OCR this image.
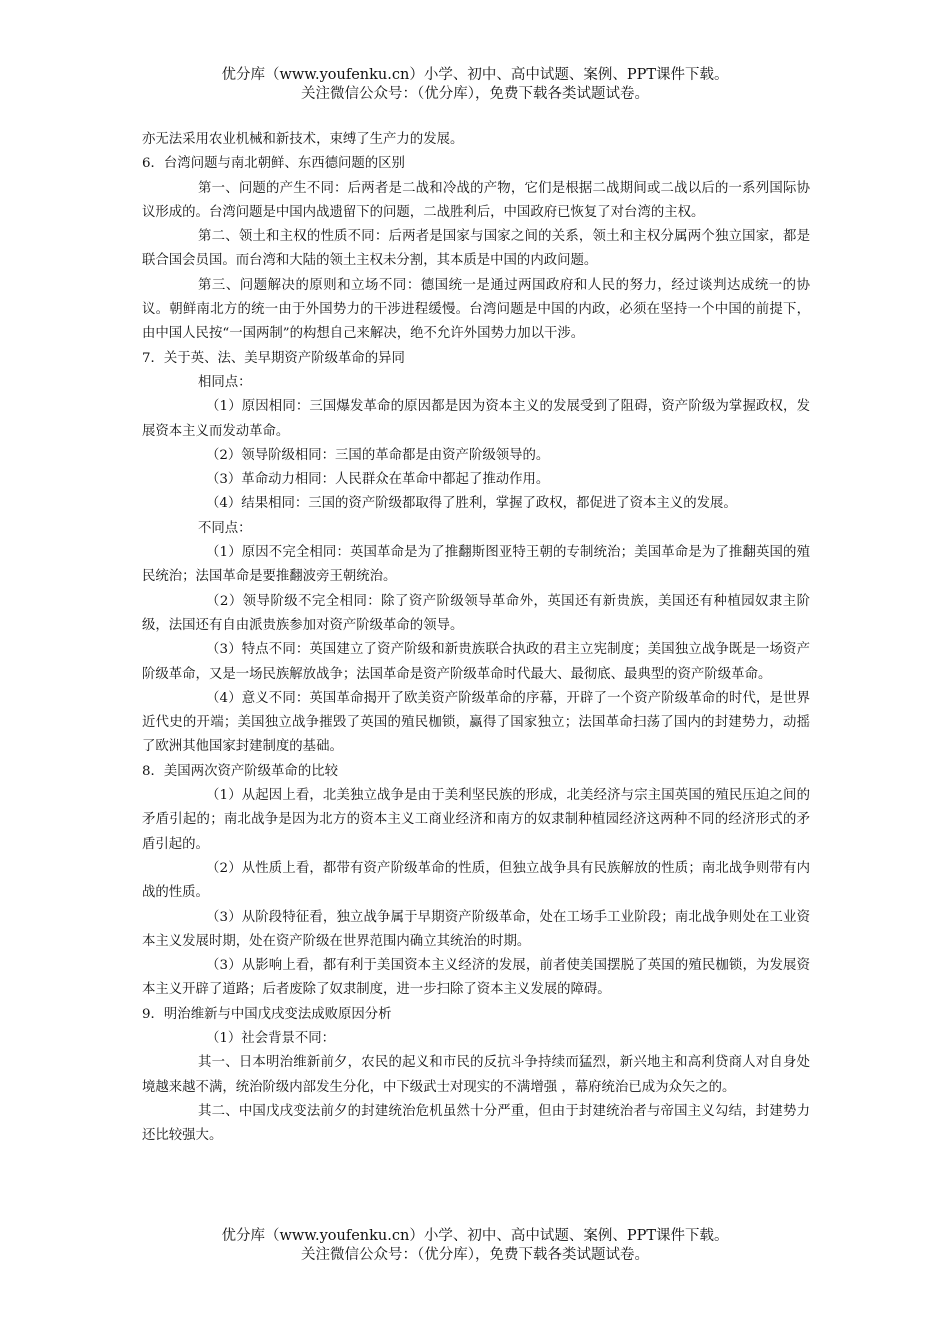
优分库（www.youfenku.cn）小学、初中、高中试题、案例、PPT课件下载。
关注微信公众号：（优分库），免费下载各类试题试卷。

亦无法采用农业机械和新技术，束缚了生产力的发展。

6．台湾问题与南北朝鲜、东西德问题的区别

第一、问题的产生不同：后两者是二战和冷战的产物，它们是根据二战期间或二战以后的一系列国际协议形成的。台湾问题是中国内战遗留下的问题，二战胜利后，中国政府已恢复了对台湾的主权。

第二、领土和主权的性质不同：后两者是国家与国家之间的关系，领土和主权分属两个独立国家，都是联合国会员国。而台湾和大陆的领土主权未分割，其本质是中国的内政问题。

第三、问题解决的原则和立场不同：德国统一是通过两国政府和人民的努力，经过谈判达成统一的协议。朝鲜南北方的统一由于外国势力的干涉进程缓慢。台湾问题是中国的内政，必须在坚持一个中国的前提下，由中国人民按“一国两制”的构想自己来解决，绝不允许外国势力加以干涉。

7．关于英、法、美早期资产阶级革命的异同

相同点：

（1）原因相同：三国爆发革命的原因都是因为资本主义的发展受到了阻碍，资产阶级为掌握政权，发展资本主义而发动革命。

（2）领导阶级相同：三国的革命都是由资产阶级领导的。

（3）革命动力相同：人民群众在革命中都起了推动作用。

（4）结果相同：三国的资产阶级都取得了胜利，掌握了政权，都促进了资本主义的发展。

不同点：

（1）原因不完全相同：英国革命是为了推翻斯图亚特王朝的专制统治；美国革命是为了推翻英国的殖民统治；法国革命是要推翻波旁王朝统治。

（2）领导阶级不完全相同：除了资产阶级领导革命外，英国还有新贵族，美国还有种植园奴隶主阶级，法国还有自由派贵族参加对资产阶级革命的领导。

（3）特点不同：英国建立了资产阶级和新贵族联合执政的君主立宪制度；美国独立战争既是一场资产阶级革命，又是一场民族解放战争；法国革命是资产阶级革命时代最大、最彻底、最典型的资产阶级革命。

（4）意义不同：英国革命揭开了欧美资产阶级革命的序幕，开辟了一个资产阶级革命的时代，是世界近代史的开端；美国独立战争摧毁了英国的殖民枷锁，赢得了国家独立；法国革命扫荡了国内的封建势力，动摇了欧洲其他国家封建制度的基础。

8．美国两次资产阶级革命的比较

（1）从起因上看，北美独立战争是由于美利坚民族的形成，北美经济与宗主国英国的殖民压迫之间的矛盾引起的；南北战争是因为北方的资本主义工商业经济和南方的奴隶制种植园经济这两种不同的经济形式的矛盾引起的。

（2）从性质上看，都带有资产阶级革命的性质，但独立战争具有民族解放的性质；南北战争则带有内战的性质。

（3）从阶段特征看，独立战争属于早期资产阶级革命，处在工场手工业阶段；南北战争则处在工业资本主义发展时期，处在资产阶级在世界范围内确立其统治的时期。

（3）从影响上看，都有利于美国资本主义经济的发展，前者使美国摆脱了英国的殖民枷锁，为发展资本主义开辟了道路；后者废除了奴隶制度，进一步扫除了资本主义发展的障碍。

9．明治维新与中国戊戌变法成败原因分析

（1）社会背景不同：

其一、日本明治维新前夕，农民的起义和市民的反抗斗争持续而猛烈，新兴地主和高利贷商人对自身处境越来越不满，统治阶级内部发生分化，中下级武士对现实的不满增强 ，幕府统治已成为众矢之的。

其二、中国戊戌变法前夕的封建统治危机虽然十分严重，但由于封建统治者与帝国主义勾结，封建势力还比较强大。

优分库（www.youfenku.cn）小学、初中、高中试题、案例、PPT课件下载。
关注微信公众号：（优分库），免费下载各类试题试卷。
